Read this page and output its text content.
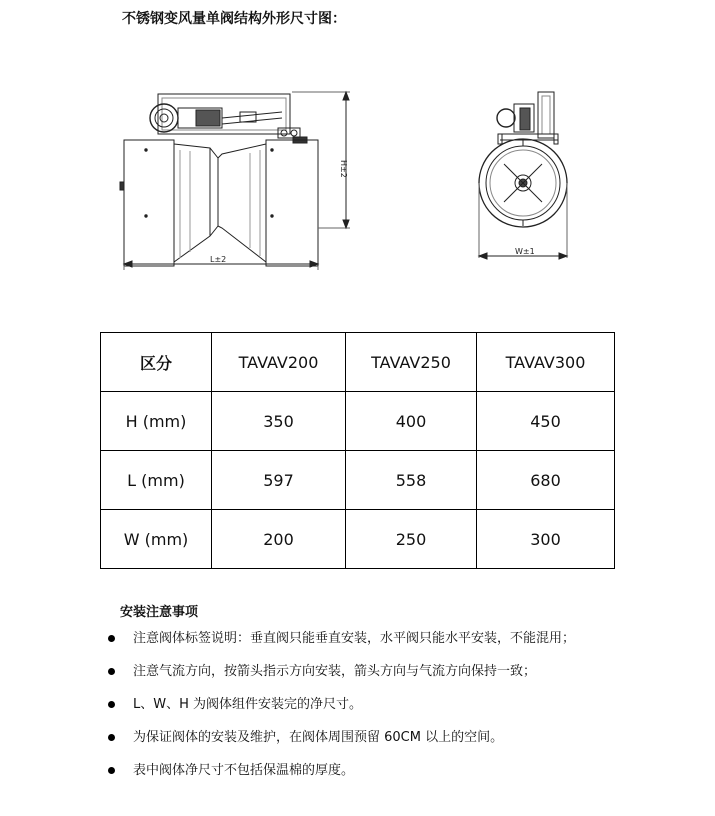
不锈钢变风量单阀结构外形尺寸图：
H±2
L±2
W±1
区分	TAVAV200	TAVAV250	TAVAV300
H (mm)	350	400	450
L (mm)	597	558	680
W (mm)	200	250	300
安装注意事项
注意阀体标签说明：垂直阀只能垂直安装，水平阀只能水平安装，不能混用；
注意气流方向，按箭头指示方向安装，箭头方向与气流方向保持一致；
L、W、H 为阀体组件安装完的净尺寸。
为保证阀体的安装及维护，在阀体周围预留 60CM 以上的空间。
表中阀体净尺寸不包括保温棉的厚度。
